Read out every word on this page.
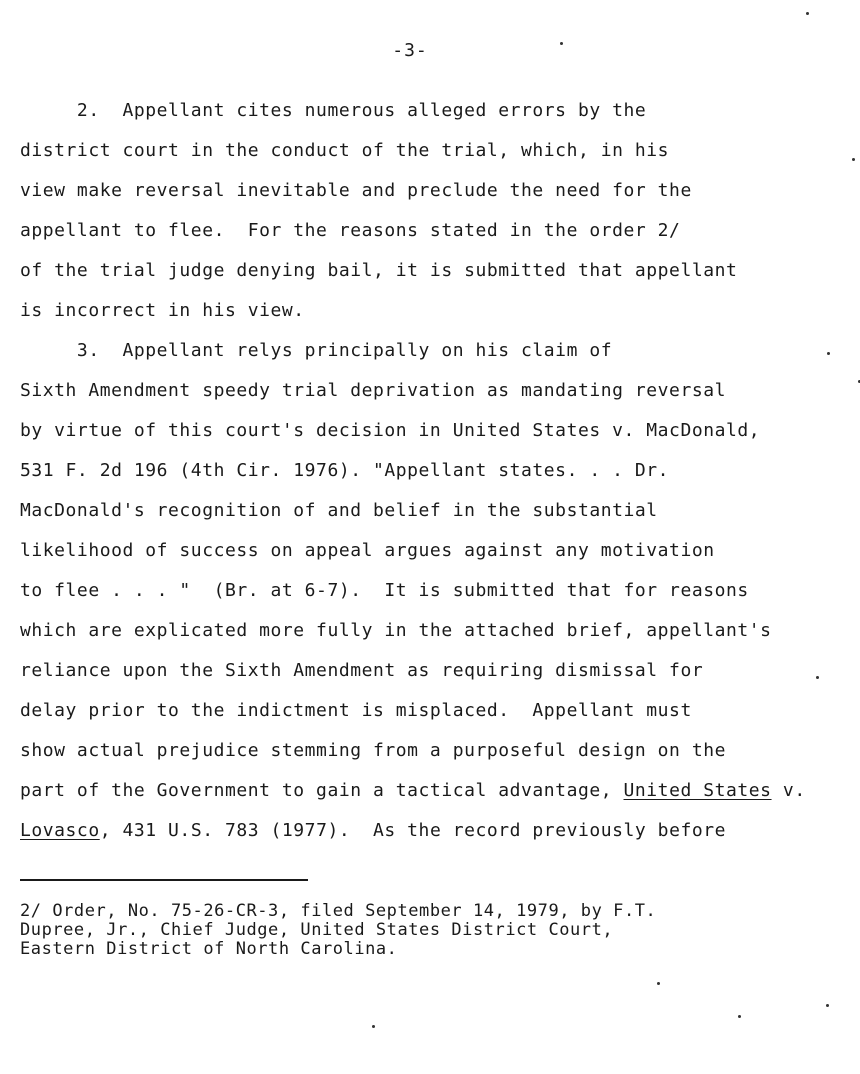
-3-
2.  Appellant cites numerous alleged errors by the
district court in the conduct of the trial, which, in his
view make reversal inevitable and preclude the need for the
appellant to flee.  For the reasons stated in the order 2/
of the trial judge denying bail, it is submitted that appellant
is incorrect in his view.
3.  Appellant relys principally on his claim of
Sixth Amendment speedy trial deprivation as mandating reversal
by virtue of this court's decision in United States v. MacDonald,
531 F. 2d 196 (4th Cir. 1976). "Appellant states. . . Dr.
MacDonald's recognition of and belief in the substantial
likelihood of success on appeal argues against any motivation
to flee . . . "  (Br. at 6-7).  It is submitted that for reasons
which are explicated more fully in the attached brief, appellant's
reliance upon the Sixth Amendment as requiring dismissal for
delay prior to the indictment is misplaced.  Appellant must
show actual prejudice stemming from a purposeful design on the
part of the Government to gain a tactical advantage, United States v.
Lovasco, 431 U.S. 783 (1977).  As the record previously before
2/ Order, No. 75-26-CR-3, filed September 14, 1979, by F.T.
Dupree, Jr., Chief Judge, United States District Court,
Eastern District of North Carolina.
